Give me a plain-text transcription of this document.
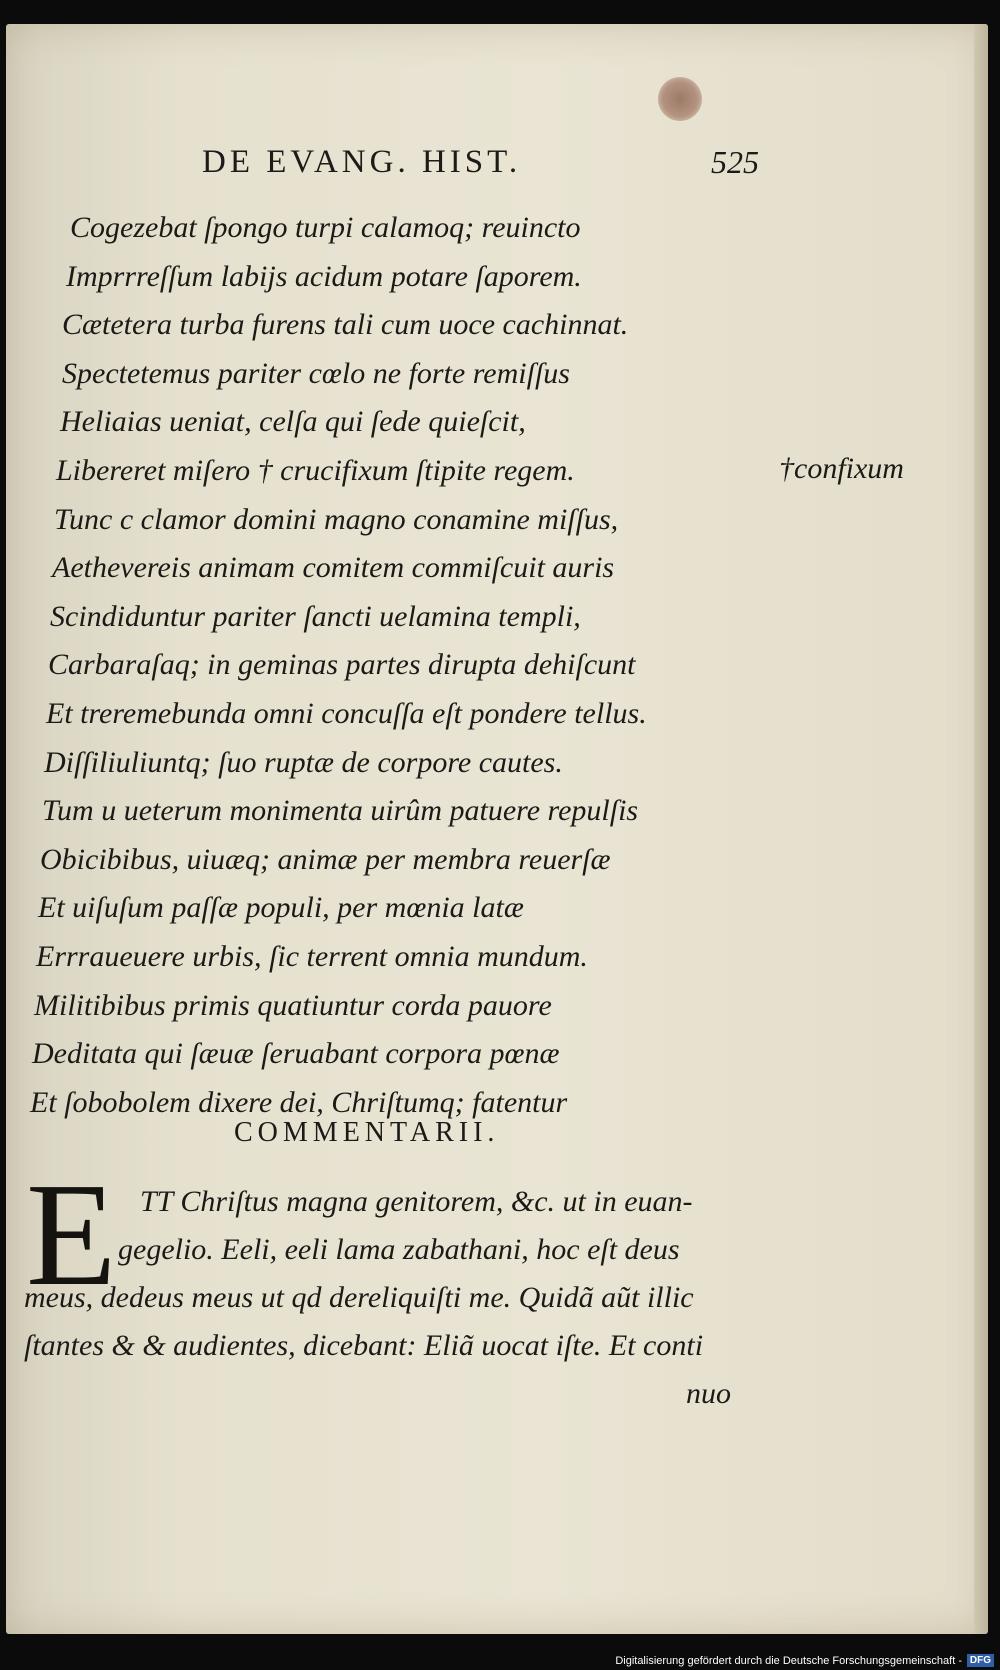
DE EVANG. HIST.	525
Cogezebat ſpongo turpi calamoq; reuincto
Imprrreſſum labijs acidum potare ſaporem.
Cætetera turba furens tali cum uoce cachinnat.
Spectetemus pariter cœlo ne forte remiſſus
Heliaias ueniat, celſa qui ſede quieſcit,
Libereret miſero † crucifixum ſtipite regem.
Tunc c clamor domini magno conamine miſſus,
Aethevereis animam comitem commiſcuit auris
Scindiduntur pariter ſancti uelamina templi,
Carbaraſaq; in geminas partes dirupta dehiſcunt
Et treremebunda omni concuſſa eſt pondere tellus.
Diſſiliuliuntq; ſuo ruptæ de corpore cautes.
Tum u ueterum monimenta uirûm patuere repulſis
Obicibibus, uiuæq; animæ per membra reuerſæ
Et uiſuſum paſſæ populi, per mœnia latæ
Errraueuere urbis, ſic terrent omnia mundum.
Militibibus primis quatiuntur corda pauore
Deditata qui ſæuæ ſeruabant corpora pœnæ
Et ſobobolem dixere dei, Chriſtumq; fatentur
†confixum
COMMENTARII.
E TT Chriſtus magna genitorem, &c. ut in euan-
gegelio. Eeli, eeli lama zabathani, hoc eſt deus
meus, dedeus meus ut qd dereliquiſti me. Quidã aũt illic
ſtantes & & audientes, dicebant: Eliã uocat iſte. Et conti
nuo
Digitalisierung gefördert durch die Deutsche Forschungsgemeinschaft - DFG
